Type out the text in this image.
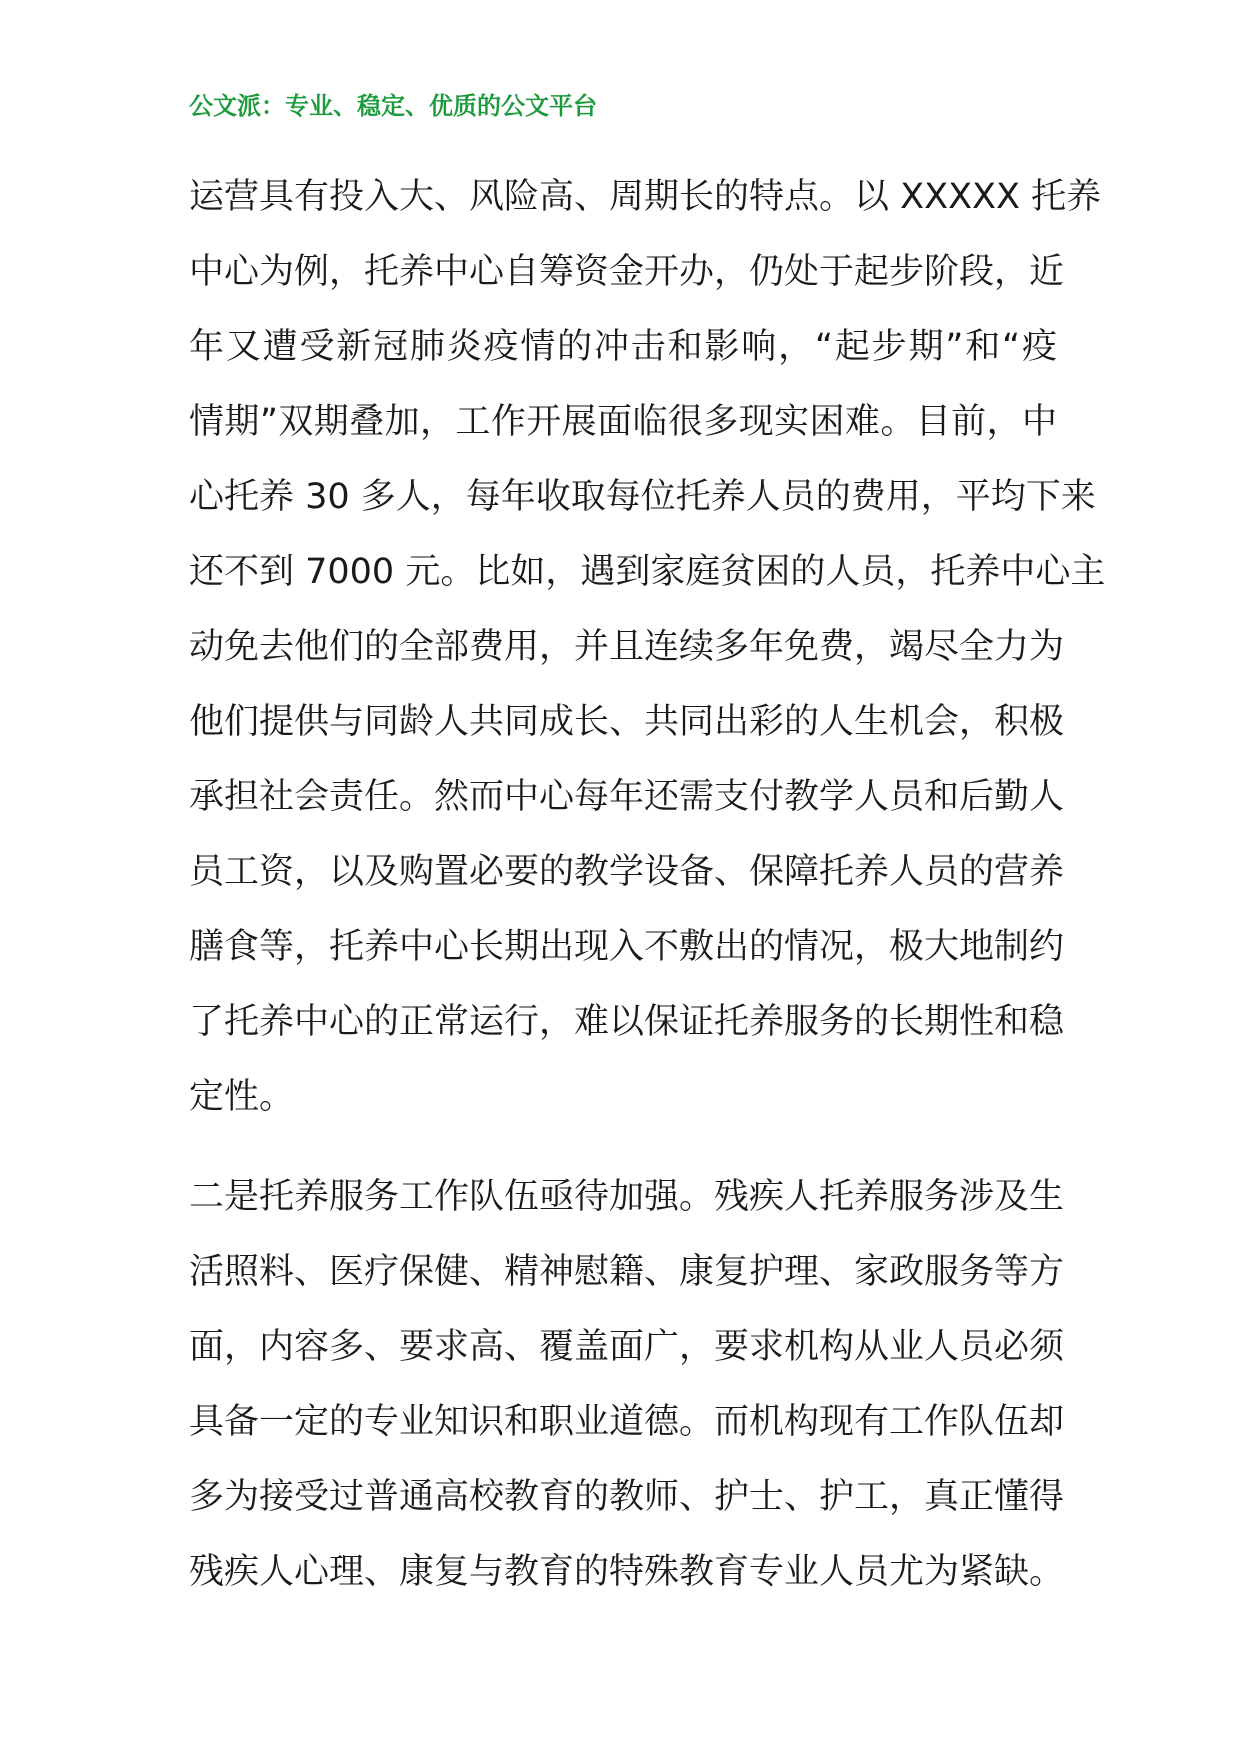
公文派：专业、稳定、优质的公文平台
运营具有投入大、风险高、周期长的特点。以 XXXXX 托养
中心为例，托养中心自筹资金开办，仍处于起步阶段，近
年又遭受新冠肺炎疫情的冲击和影响，“起步期”和“疫
情期”双期叠加，工作开展面临很多现实困难。目前，中
心托养 30 多人，每年收取每位托养人员的费用，平均下来
还不到 7000 元。比如，遇到家庭贫困的人员，托养中心主
动免去他们的全部费用，并且连续多年免费，竭尽全力为
他们提供与同龄人共同成长、共同出彩的人生机会，积极
承担社会责任。然而中心每年还需支付教学人员和后勤人
员工资，以及购置必要的教学设备、保障托养人员的营养
膳食等，托养中心长期出现入不敷出的情况，极大地制约
了托养中心的正常运行，难以保证托养服务的长期性和稳
定性。
二是托养服务工作队伍亟待加强。残疾人托养服务涉及生
活照料、医疗保健、精神慰籍、康复护理、家政服务等方
面，内容多、要求高、覆盖面广，要求机构从业人员必须
具备一定的专业知识和职业道德。而机构现有工作队伍却
多为接受过普通高校教育的教师、护士、护工，真正懂得
残疾人心理、康复与教育的特殊教育专业人员尤为紧缺。
